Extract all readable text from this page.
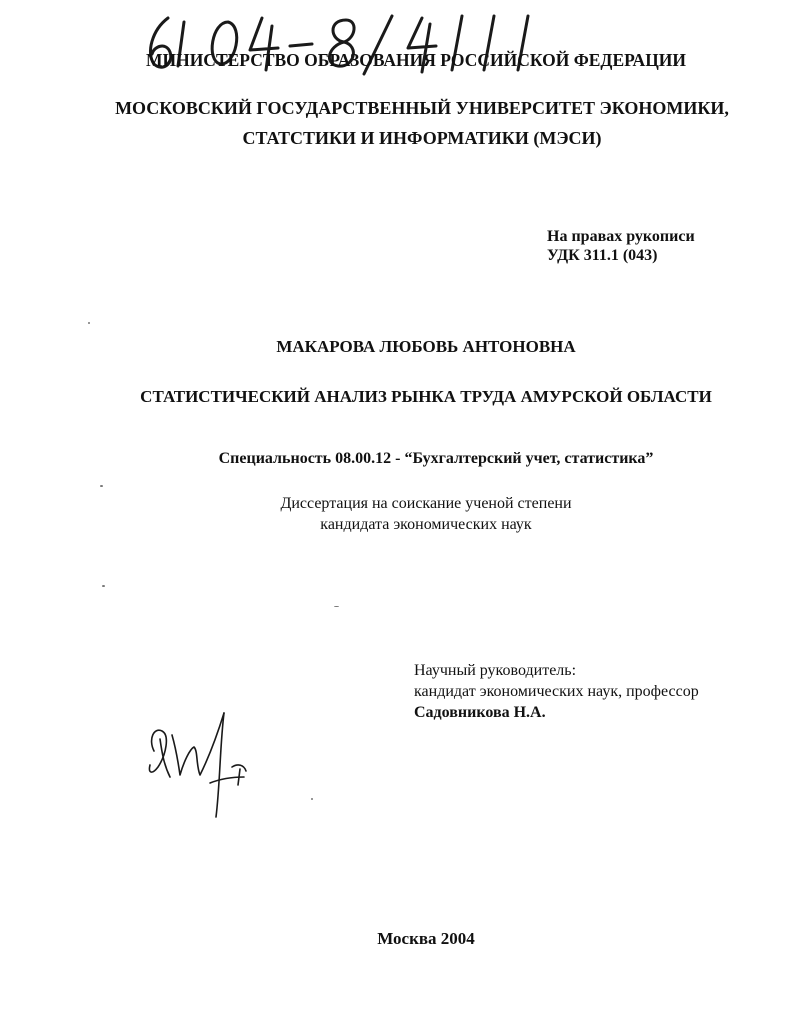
МИНИСТЕРСТВО ОБРАЗОВАНИЯ РОССИЙСКОЙ ФЕДЕРАЦИИ
МОСКОВСКИЙ ГОСУДАРСТВЕННЫЙ УНИВЕРСИТЕТ ЭКОНОМИКИ,
СТАТСТИКИ И ИНФОРМАТИКИ (МЭСИ)
На правах рукописи
УДК 311.1 (043)
МАКАРОВА ЛЮБОВЬ АНТОНОВНА
СТАТИСТИЧЕСКИЙ АНАЛИЗ РЫНКА ТРУДА АМУРСКОЙ ОБЛАСТИ
Специальность 08.00.12 - “Бухгалтерский учет, статистика”
Диссертация на соискание ученой степени
кандидата экономических наук
Научный руководитель:
кандидат экономических наук, профессор
Садовникова Н.А.
Москва 2004
